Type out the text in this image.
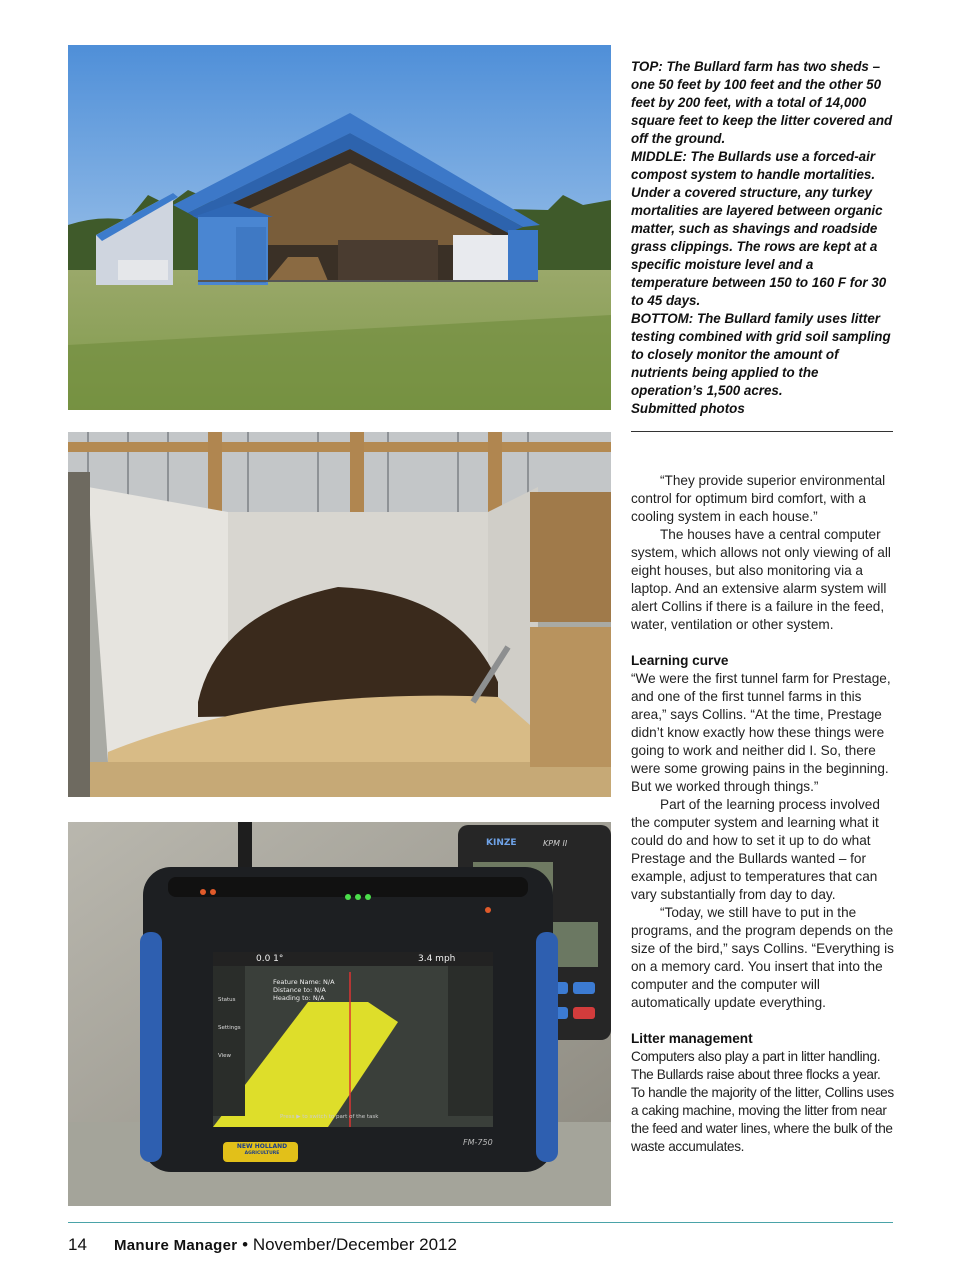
3.4 mph
0.0 1°
Feature Name: N/A
Distance to: N/A
Heading to: N/A
Status
Settings
View
Press ▶ to switch to part of the task
NEW HOLLAND
AGRICULTURE
FM-750
KINZE	KPM II

TOP: The Bullard farm has two sheds – one 50 feet by 100 feet and the other 50 feet by 200 feet, with a total of 14,000 square feet to keep the litter covered and off the ground.

MIDDLE: The Bullards use a forced-air compost system to handle mortalities. Under a covered structure, any turkey mortalities are layered between organic matter, such as shavings and roadside grass clippings. The rows are kept at a specific moisture level and a temperature between 150 to 160 F for 30 to 45 days.

BOTTOM: The Bullard family uses litter testing combined with grid soil sampling to closely monitor the amount of nutrients being applied to the operation’s 1,500 acres.

Submitted photos

“They provide superior environmental control for optimum bird comfort, with a cooling system in each house.”

The houses have a central computer system, which allows not only viewing of all eight houses, but also monitoring via a laptop. And an extensive alarm system will alert Collins if there is a failure in the feed, water, ventilation or other system.

Learning curve

“We were the first tunnel farm for Prestage, and one of the first tunnel farms in this area,” says Collins. “At the time, Prestage didn’t know exactly how these things were going to work and neither did I. So, there were some growing pains in the beginning. But we worked through things.”

Part of the learning process involved the computer system and learning what it could do and how to set it up to do what Prestage and the Bullards wanted – for example, adjust to temperatures that can vary substantially from day to day.

“Today, we still have to put in the programs, and the program depends on the size of the bird,” says Collins. “Everything is on a memory card. You insert that into the computer and the computer will automatically update everything.

Litter management

Computers also play a part in litter handling. The Bullards raise about three flocks a year. To handle the majority of the litter, Collins uses a caking machine, moving the litter from near the feed and water lines, where the bulk of the waste accumulates.

14 Manure Manager • November/December 2012
